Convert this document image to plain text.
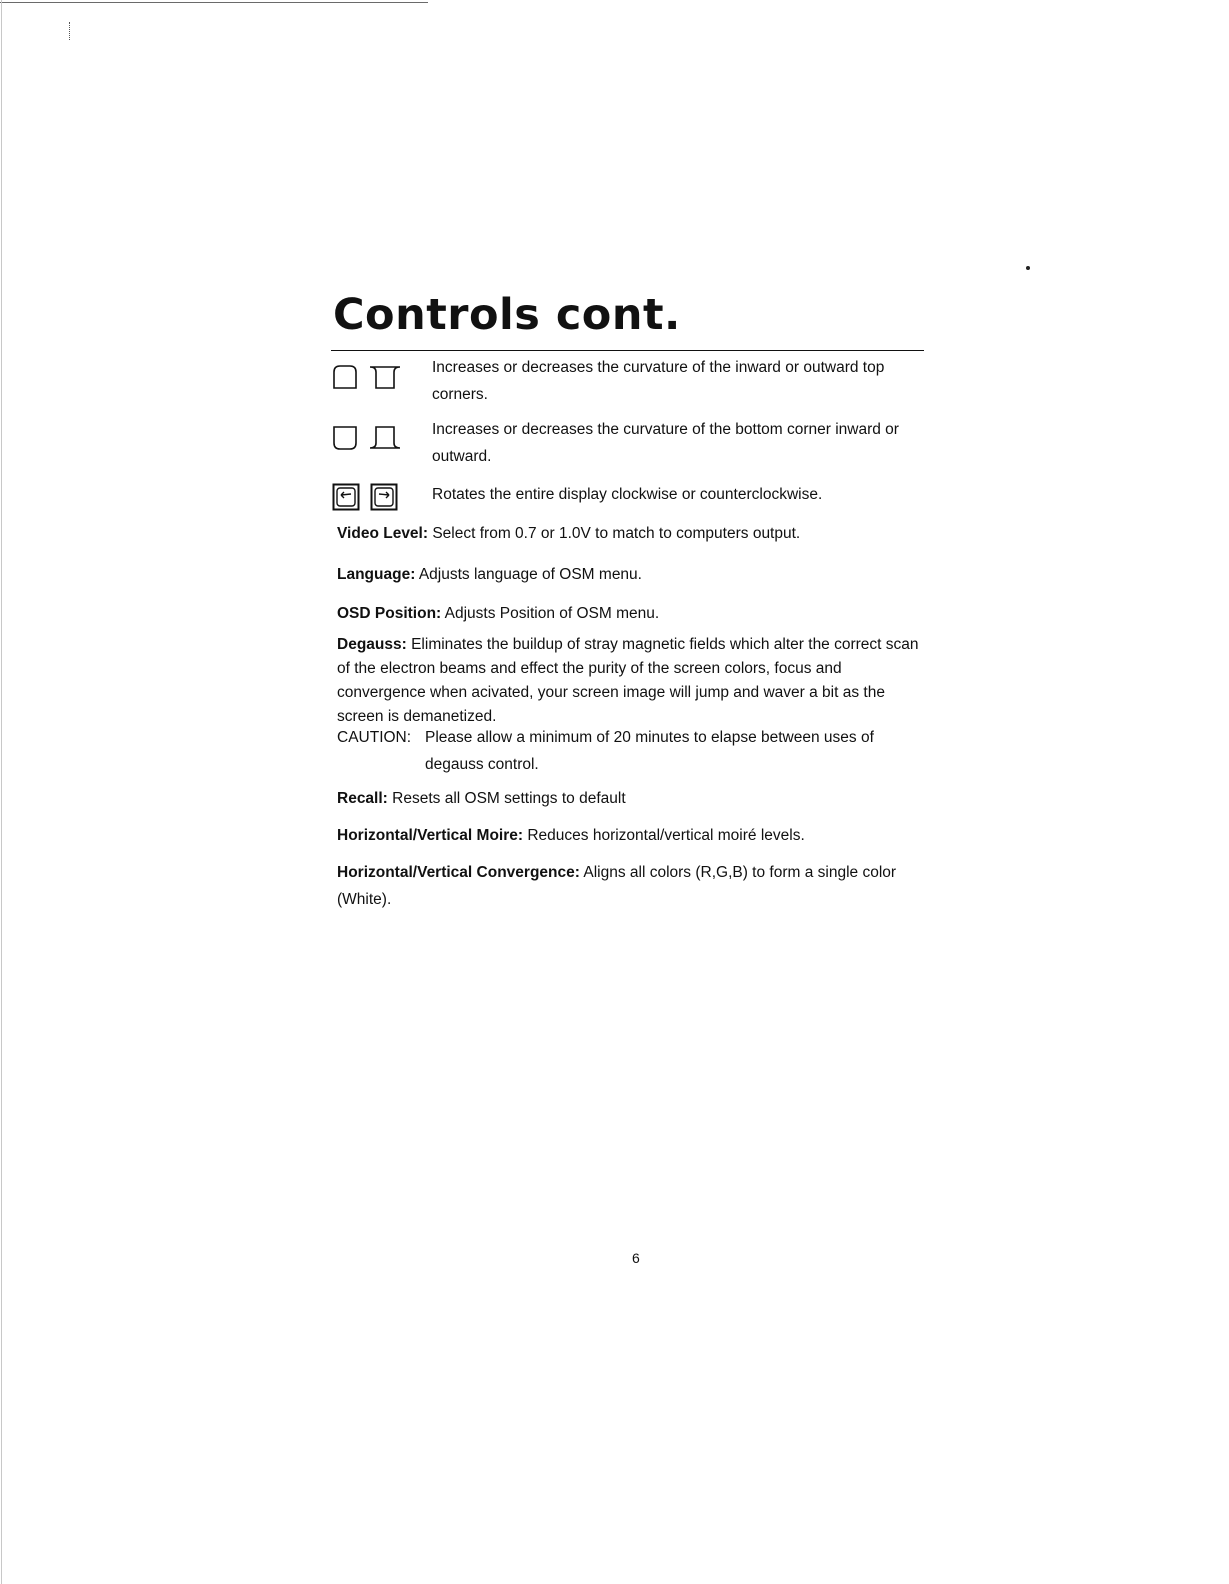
Controls cont.

Increases or decreases the curvature of the inward or outward top corners.

Increases or decreases the curvature of the bottom corner inward or outward.

Rotates the entire display clockwise or counterclockwise.

Video Level: Select from 0.7 or 1.0V to match to computers output.

Language: Adjusts language of OSM menu.

OSD Position: Adjusts Position of OSM menu.

Degauss: Eliminates the buildup of stray magnetic fields which alter the correct scan of the electron beams and effect the purity of the screen colors, focus and convergence when acivated, your screen image will jump and waver a bit as the screen is demanetized.

CAUTION: Please allow a minimum of 20 minutes to elapse between uses of
degauss control.

Recall: Resets all OSM settings to default

Horizontal/Vertical Moire: Reduces horizontal/vertical moiré levels.

Horizontal/Vertical Convergence: Aligns all colors (R,G,B) to form a single color (White).

6
